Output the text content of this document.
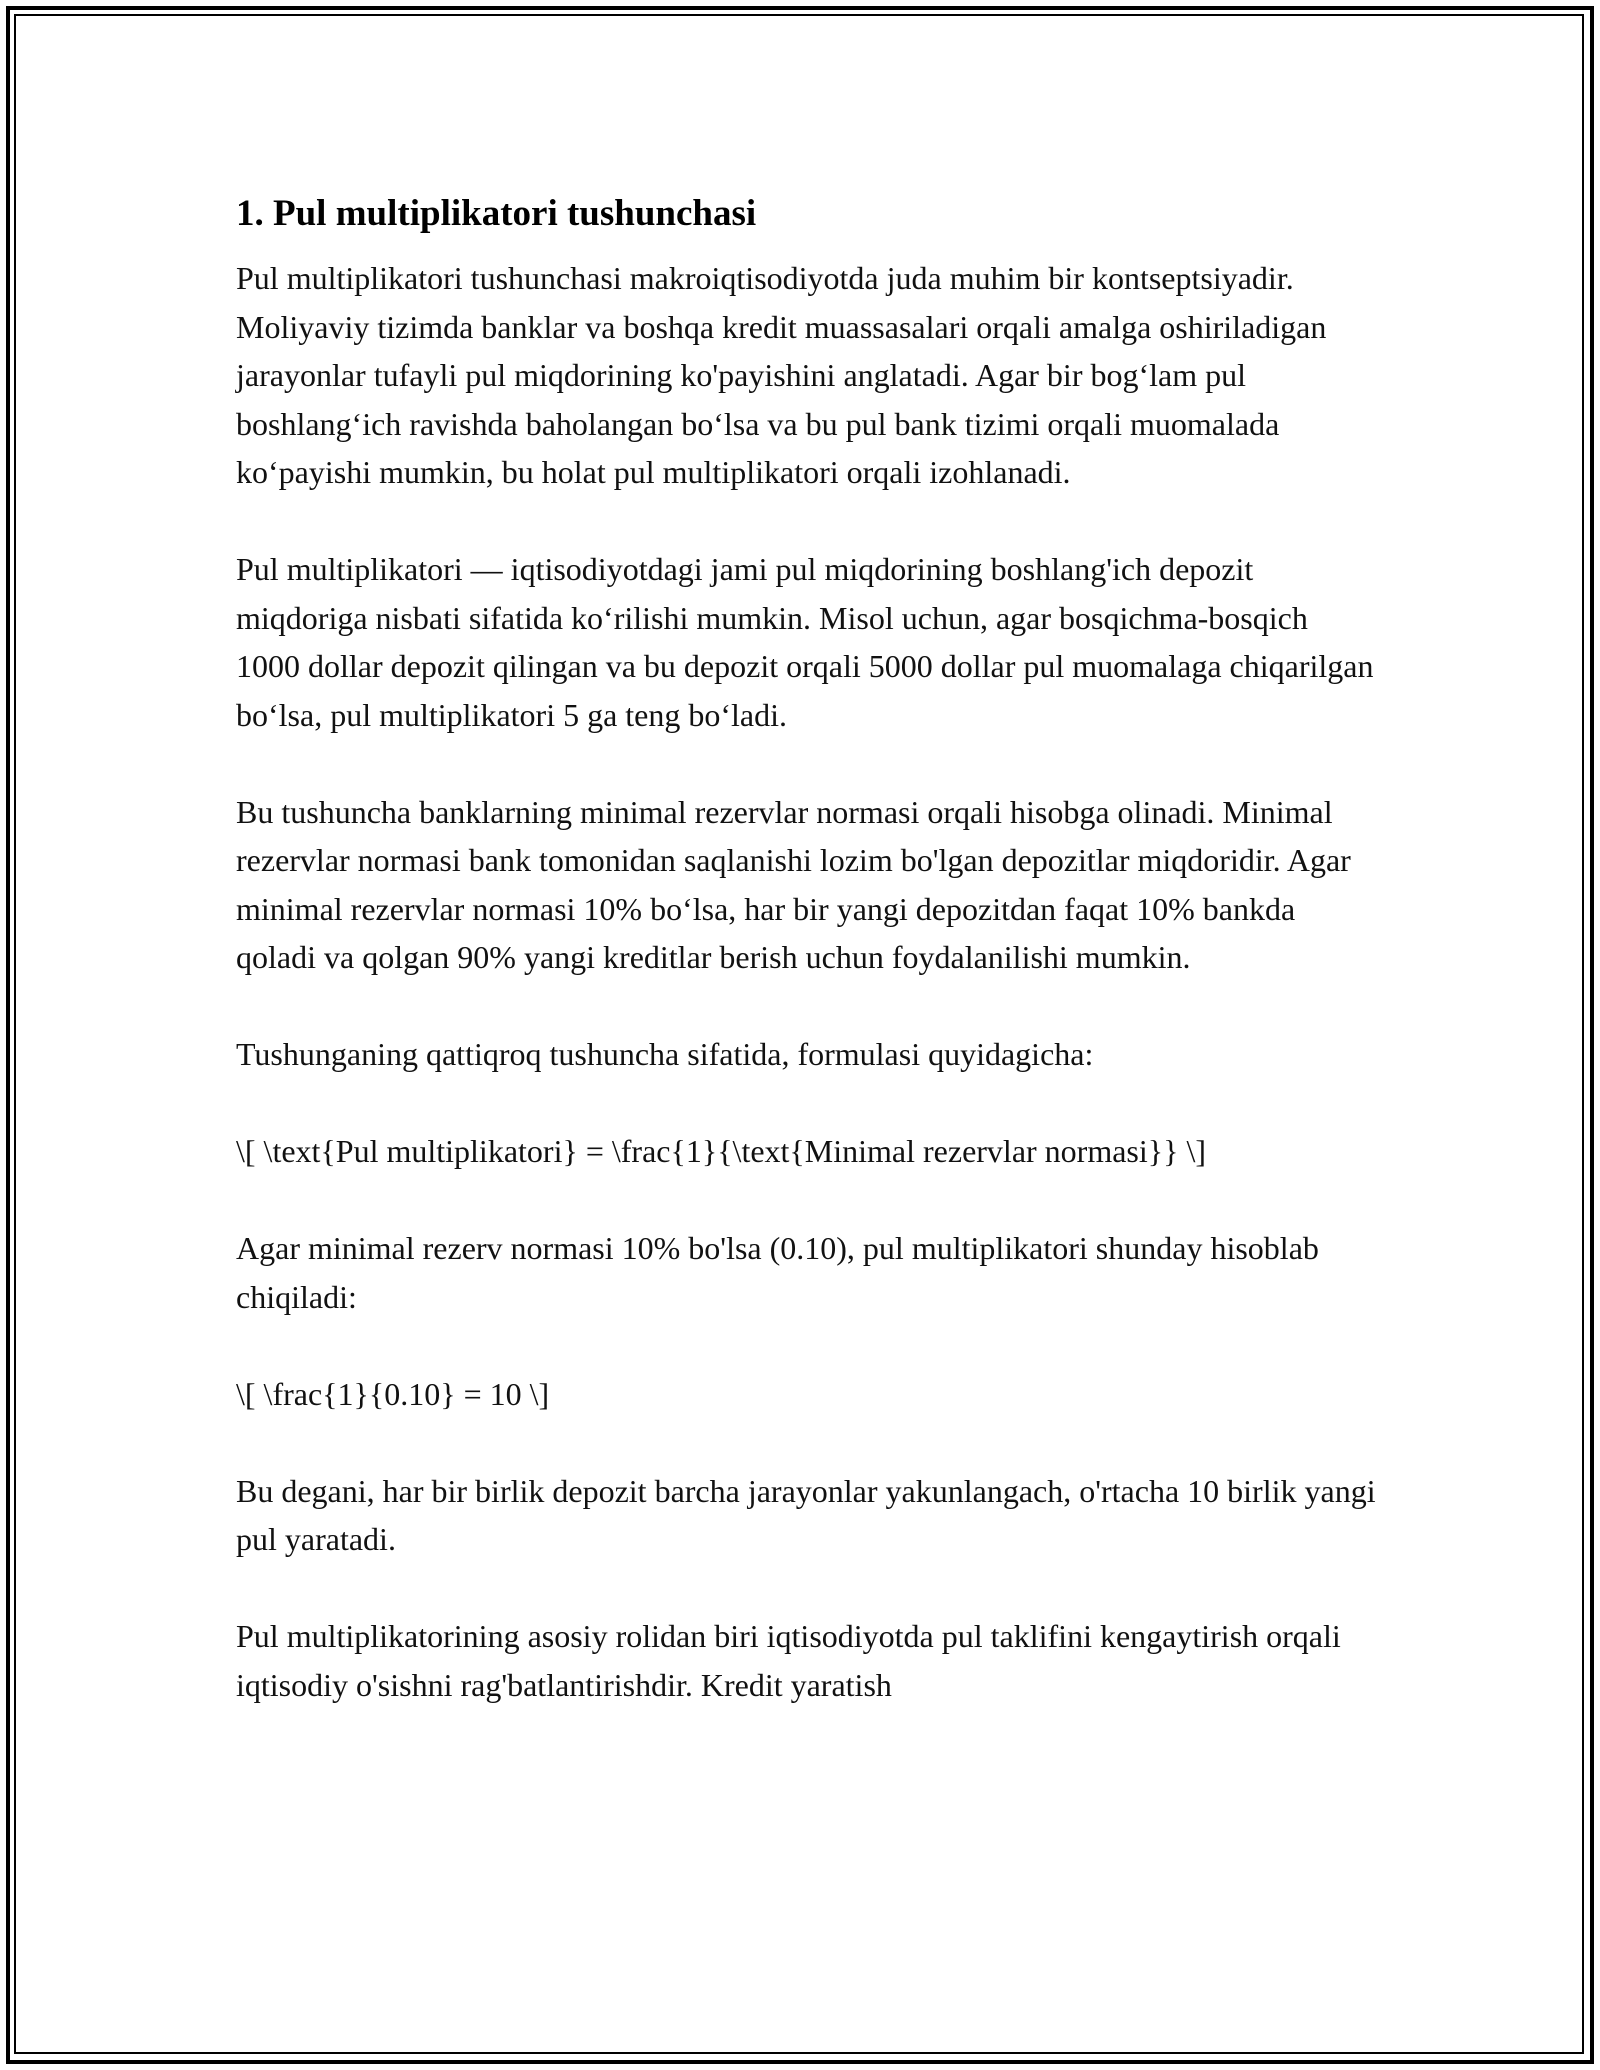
1. Pul multiplikatori tushunchasi

Pul multiplikatori tushunchasi makroiqtisodiyotda juda muhim bir kontseptsiyadir. Moliyaviy tizimda banklar va boshqa kredit muassasalari orqali amalga oshiriladigan jarayonlar tufayli pul miqdorining ko'payishini anglatadi. Agar bir bog‘lam pul boshlang‘ich ravishda baholangan bo‘lsa va bu pul bank tizimi orqali muomalada ko‘payishi mumkin, bu holat pul multiplikatori orqali izohlanadi.

Pul multiplikatori — iqtisodiyotdagi jami pul miqdorining boshlang'ich depozit miqdoriga nisbati sifatida ko‘rilishi mumkin. Misol uchun, agar bosqichma-bosqich 1000 dollar depozit qilingan va bu depozit orqali 5000 dollar pul muomalaga chiqarilgan bo‘lsa, pul multiplikatori 5 ga teng bo‘ladi.

Bu tushuncha banklarning minimal rezervlar normasi orqali hisobga olinadi. Minimal rezervlar normasi bank tomonidan saqlanishi lozim bo'lgan depozitlar miqdoridir. Agar minimal rezervlar normasi 10% bo‘lsa, har bir yangi depozitdan faqat 10% bankda qoladi va qolgan 90% yangi kreditlar berish uchun foydalanilishi mumkin.

Tushunganing qattiqroq tushuncha sifatida, formulasi quyidagicha:

\[ \text{Pul multiplikatori} = \frac{1}{\text{Minimal rezervlar normasi}} \]

Agar minimal rezerv normasi 10% bo'lsa (0.10), pul multiplikatori shunday hisoblab chiqiladi:

\[ \frac{1}{0.10} = 10 \]

Bu degani, har bir birlik depozit barcha jarayonlar yakunlangach, o'rtacha 10 birlik yangi pul yaratadi.

Pul multiplikatorining asosiy rolidan biri iqtisodiyotda pul taklifini kengaytirish orqali iqtisodiy o'sishni rag'batlantirishdir. Kredit yaratish
